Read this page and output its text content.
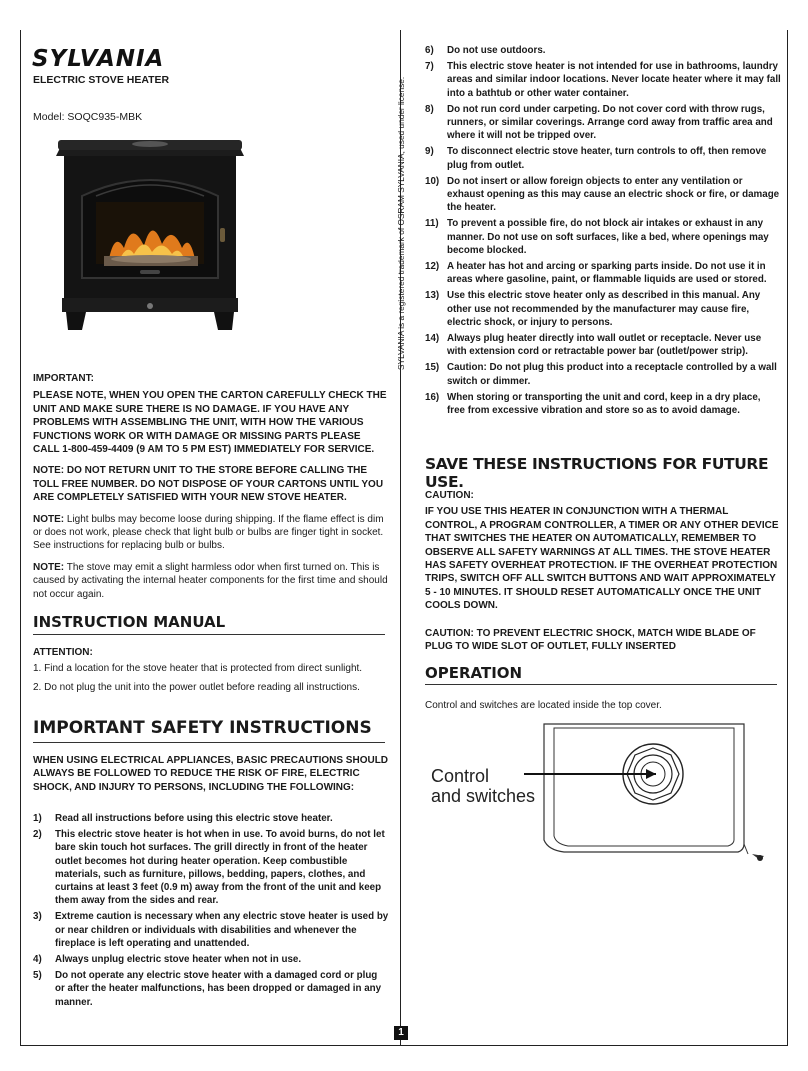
SYLVANIA
ELECTRIC STOVE HEATER
Model: SOQC935-MBK	SYLVANIA is a registered trademark of OSRAM SYLVANIA, used under license.
IMPORTANT:
PLEASE NOTE, WHEN YOU OPEN THE CARTON CAREFULLY CHECK THE UNIT AND MAKE SURE THERE IS NO DAMAGE. IF YOU HAVE ANY PROBLEMS WITH ASSEMBLING THE UNIT, WITH HOW THE VARIOUS FUNCTIONS WORK OR WITH DAMAGE OR MISSING PARTS PLEASE CALL 1-800-459-4409 (9 AM TO 5 PM EST) IMMEDIATELY FOR SERVICE.
NOTE: DO NOT RETURN UNIT TO THE STORE BEFORE CALLING THE TOLL FREE NUMBER. DO NOT DISPOSE OF YOUR CARTONS UNTIL YOU ARE COMPLETELY SATISFIED WITH YOUR NEW STOVE HEATER.
NOTE: Light bulbs may become loose during shipping. If the flame effect is dim or does not work, please check that light bulb or bulbs are finger tight in socket. See instructions for replacing bulb or bulbs.
NOTE: The stove may emit a slight harmless odor when first turned on. This is caused by activating the internal heater components for the first time and should not occur again.
INSTRUCTION MANUAL
ATTENTION:
1. Find a location for the stove heater that is protected from direct sunlight.
2. Do not plug the unit into the power outlet before reading all instructions.
IMPORTANT SAFETY INSTRUCTIONS
WHEN USING ELECTRICAL APPLIANCES, BASIC PRECAUTIONS SHOULD ALWAYS BE FOLLOWED TO REDUCE THE RISK OF FIRE, ELECTRIC SHOCK, AND INJURY TO PERSONS, INCLUDING THE FOLLOWING:
1)	Read all instructions before using this electric stove heater.
2)	This electric stove heater is hot when in use. To avoid burns, do not let bare skin touch hot surfaces. The grill directly in front of the heater outlet becomes hot during heater operation. Keep combustible materials, such as furniture, pillows, bedding, papers, clothes, and curtains at least 3 feet (0.9 m) away from the front of the unit and keep them away from the sides and rear.
3)	Extreme caution is necessary when any electric stove heater is used by or near children or individuals with disabilities and whenever the fireplace is left operating and unattended.
4)	Always unplug electric stove heater when not in use.
5)	Do not operate any electric stove heater with a damaged cord or plug or after the heater malfunctions, has been dropped or damaged in any manner.
1
6)	Do not use outdoors.
7)	This electric stove heater is not intended for use in bathrooms, laundry areas and similar indoor locations. Never locate heater where it may fall into a bathtub or other water container.
8)	Do not run cord under carpeting. Do not cover cord with throw rugs, runners, or similar coverings. Arrange cord away from traffic area and where it will not be tripped over.
9)	To disconnect electric stove heater, turn controls to off, then remove plug from outlet.
10) Do not insert or allow foreign objects to enter any ventilation or exhaust opening as this may cause an electric shock or fire, or damage the heater.
11) To prevent a possible fire, do not block air intakes or exhaust in any manner. Do not use on soft surfaces, like a bed, where openings may become blocked.
12) A heater has hot and arcing or sparking parts inside. Do not use it in areas where gasoline, paint, or flammable liquids are used or stored.
13) Use this electric stove heater only as described in this manual. Any other use not recommended by the manufacturer may cause fire, electric shock, or injury to persons.
14) Always plug heater directly into wall outlet or receptacle. Never use with extension cord or retractable power bar (outlet/power strip).
15) Caution: Do not plug this product into a receptacle controlled by a wall switch or dimmer.
16) When storing or transporting the unit and cord, keep in a dry place, free from excessive vibration and store so as to avoid damage.
SAVE THESE INSTRUCTIONS FOR FUTURE USE.
CAUTION:
IF YOU USE THIS HEATER IN CONJUNCTION WITH A THERMAL CONTROL, A PROGRAM CONTROLLER, A TIMER OR ANY OTHER DEVICE THAT SWITCHES THE HEATER ON AUTOMATICALLY, REMEMBER TO OBSERVE ALL SAFETY WARNINGS AT ALL TIMES. THE STOVE HEATER HAS SAFETY OVERHEAT PROTECTION. IF THE OVERHEAT PROTECTION TRIPS, SWITCH OFF ALL SWITCH BUTTONS AND WAIT APPROXIMATELY 5 - 10 MINUTES. IT SHOULD RESET AUTOMATICALLY ONCE THE UNIT COOLS DOWN.
CAUTION: TO PREVENT ELECTRIC SHOCK, MATCH WIDE BLADE OF PLUG TO WIDE SLOT OF OUTLET, FULLY INSERTED
OPERATION
Control and switches are located inside the top cover.
Control
and switches
